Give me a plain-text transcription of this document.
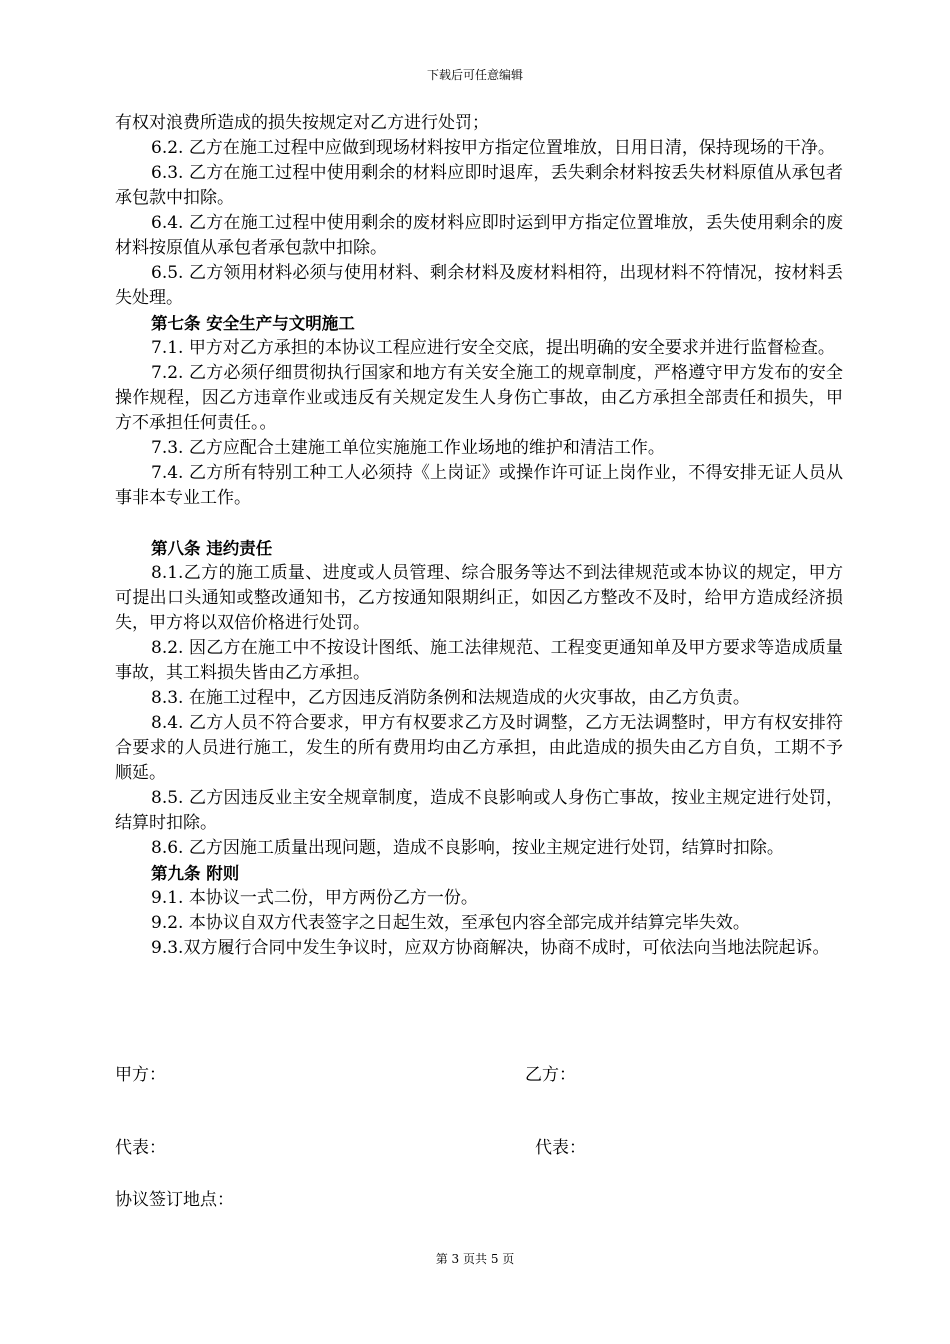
下载后可任意编辑
有权对浪费所造成的损失按规定对乙方进行处罚；
6.2. 乙方在施工过程中应做到现场材料按甲方指定位置堆放，日用日清，保持现场的干净。
6.3. 乙方在施工过程中使用剩余的材料应即时退库，丢失剩余材料按丢失材料原值从承包者承包款中扣除。
6.4. 乙方在施工过程中使用剩余的废材料应即时运到甲方指定位置堆放，丢失使用剩余的废材料按原值从承包者承包款中扣除。
6.5. 乙方领用材料必须与使用材料、剩余材料及废材料相符，出现材料不符情况，按材料丢失处理。
第七条 安全生产与文明施工
7.1. 甲方对乙方承担的本协议工程应进行安全交底，提出明确的安全要求并进行监督检查。
7.2. 乙方必须仔细贯彻执行国家和地方有关安全施工的规章制度，严格遵守甲方发布的安全操作规程，因乙方违章作业或违反有关规定发生人身伤亡事故，由乙方承担全部责任和损失，甲方不承担任何责任。。
7.3. 乙方应配合土建施工单位实施施工作业场地的维护和清洁工作。
7.4. 乙方所有特别工种工人必须持《上岗证》或操作许可证上岗作业，不得安排无证人员从事非本专业工作。
第八条 违约责任
8.1.乙方的施工质量、进度或人员管理、综合服务等达不到法律规范或本协议的规定，甲方可提出口头通知或整改通知书，乙方按通知限期纠正，如因乙方整改不及时，给甲方造成经济损失，甲方将以双倍价格进行处罚。
8.2. 因乙方在施工中不按设计图纸、施工法律规范、工程变更通知单及甲方要求等造成质量事故，其工料损失皆由乙方承担。
8.3. 在施工过程中，乙方因违反消防条例和法规造成的火灾事故，由乙方负责。
8.4. 乙方人员不符合要求，甲方有权要求乙方及时调整，乙方无法调整时，甲方有权安排符合要求的人员进行施工，发生的所有费用均由乙方承担，由此造成的损失由乙方自负，工期不予顺延。
8.5. 乙方因违反业主安全规章制度，造成不良影响或人身伤亡事故，按业主规定进行处罚，结算时扣除。
8.6. 乙方因施工质量出现问题，造成不良影响，按业主规定进行处罚，结算时扣除。
第九条 附则
9.1. 本协议一式二份，甲方两份乙方一份。
9.2. 本协议自双方代表签字之日起生效，至承包内容全部完成并结算完毕失效。
9.3.双方履行合同中发生争议时，应双方协商解决，协商不成时，可依法向当地法院起诉。
甲方：	乙方：
代表：	代表：
协议签订地点：
第 3 页共 5 页
